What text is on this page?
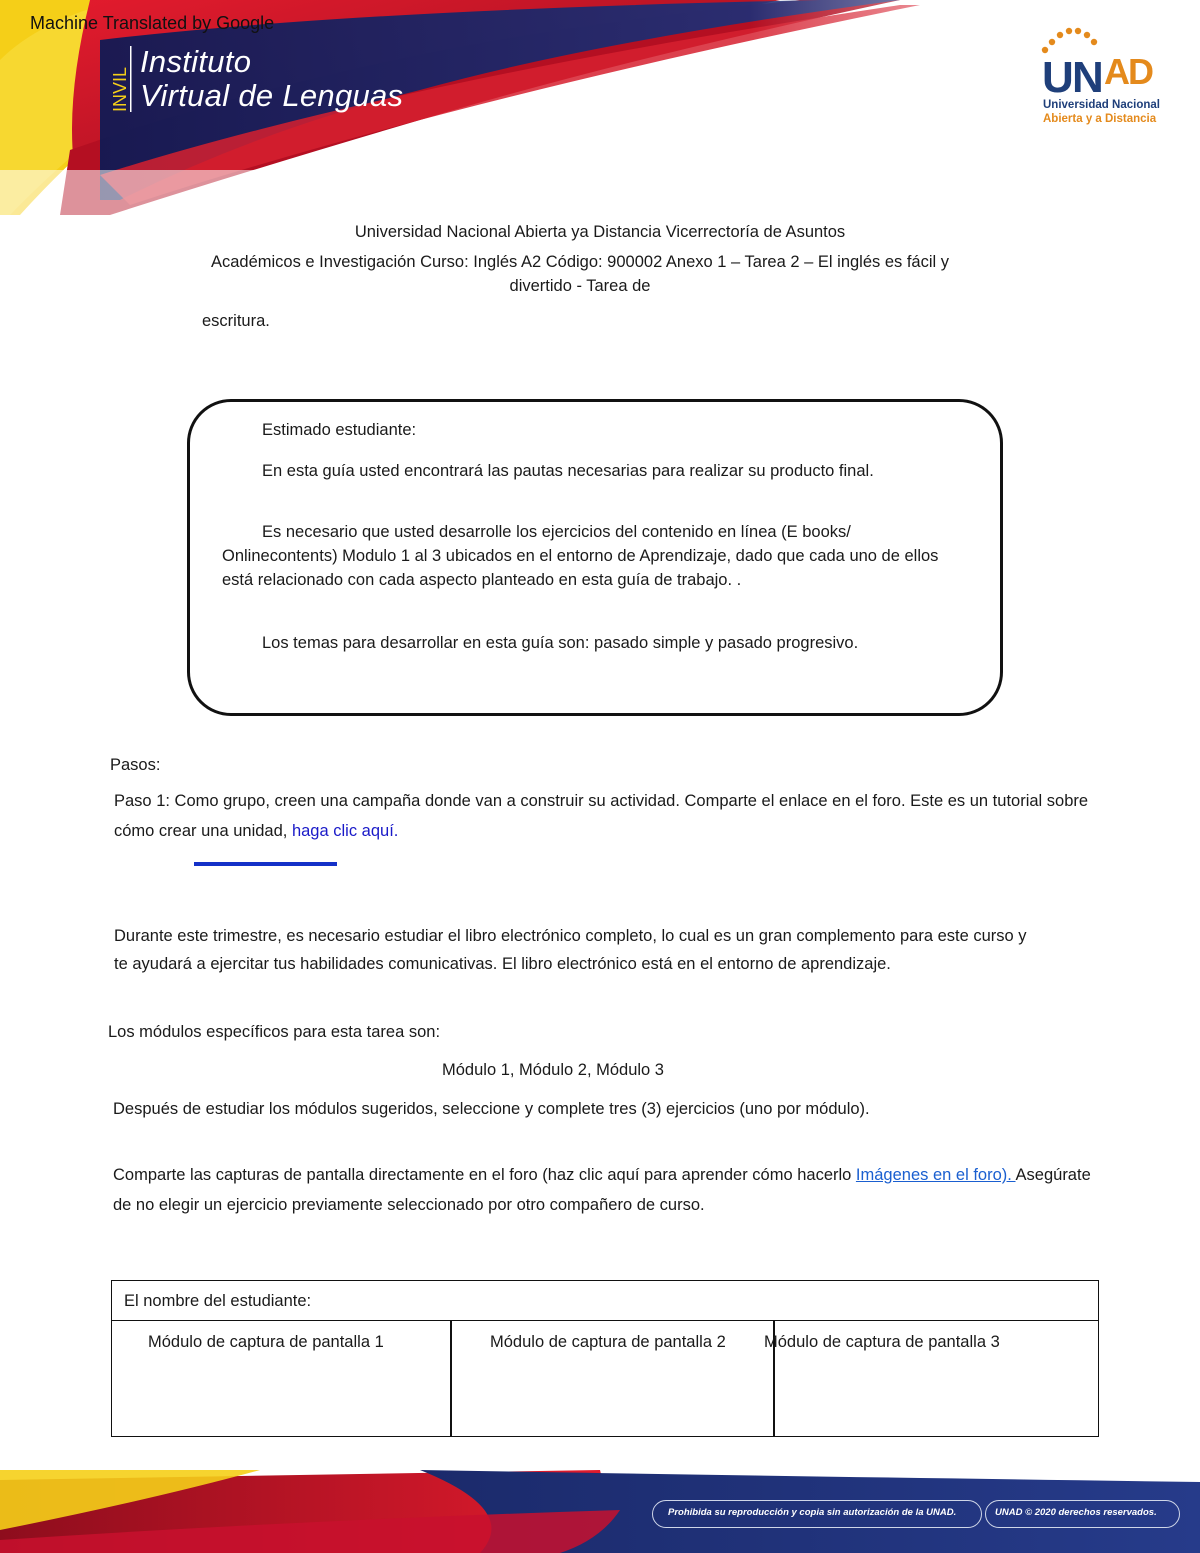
Machine Translated by Google
INVIL
Instituto
Virtual de Lenguas	U N AD
Universidad Nacional
Abierta y a Distancia
Universidad Nacional Abierta ya Distancia Vicerrectoría de Asuntos
Académicos e Investigación Curso: Inglés A2 Código: 900002 Anexo 1 – Tarea 2 – El inglés es fácil y
divertido - Tarea de
escritura.
Estimado estudiante:
En esta guía usted encontrará las pautas necesarias para realizar su producto final.
Es necesario que usted desarrolle los ejercicios del contenido en línea (E books/ Onlinecontents) Modulo 1 al 3 ubicados en el entorno de Aprendizaje, dado que cada uno de ellos está relacionado con cada aspecto planteado en esta guía de trabajo. .
Los temas para desarrollar en esta guía son: pasado simple y pasado progresivo.
Pasos:
Paso 1: Como grupo, creen una campaña donde van a construir su actividad. Comparte el enlace en el foro. Este es un tutorial sobre cómo crear una unidad, haga clic aquí.
Durante este trimestre, es necesario estudiar el libro electrónico completo, lo cual es un gran complemento para este curso y te ayudará a ejercitar tus habilidades comunicativas. El libro electrónico está en el entorno de aprendizaje.
Los módulos específicos para esta tarea son:
Módulo 1, Módulo 2, Módulo 3
Después de estudiar los módulos sugeridos, seleccione y complete tres (3) ejercicios (uno por módulo).
Comparte las capturas de pantalla directamente en el foro (haz clic aquí para aprender cómo hacerlo Imágenes en el foro). Asegúrate de no elegir un ejercicio previamente seleccionado por otro compañero de curso.
El nombre del estudiante:
Módulo de captura de pantalla 1	Módulo de captura de pantalla 2 Módulo de captura de pantalla 3
Prohibida su reproducción y copia sin autorización de la UNAD.	UNAD © 2020 derechos reservados.
